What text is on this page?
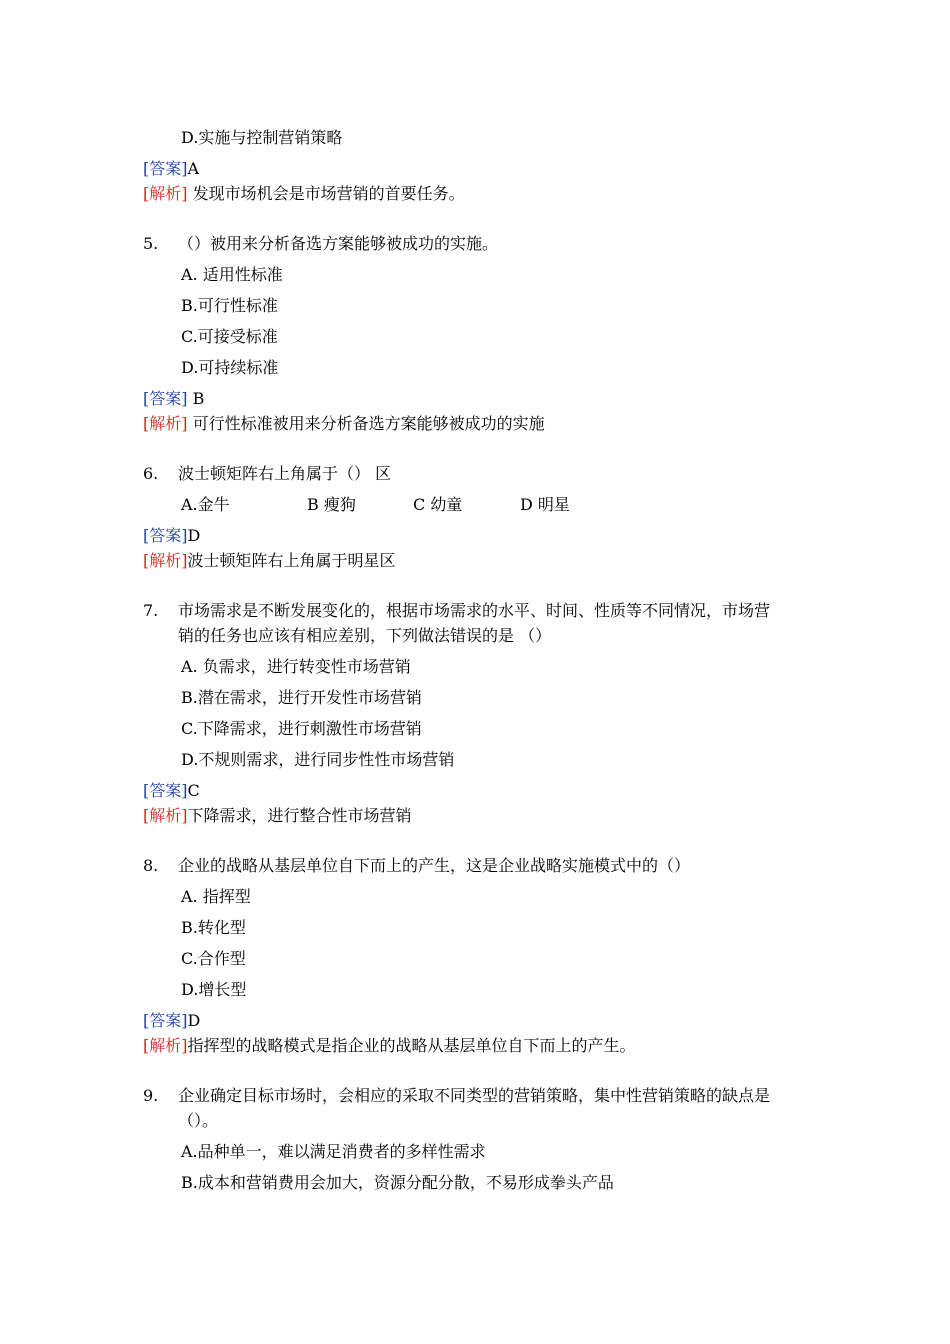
D.实施与控制营销策略
[答案]A
[解析] 发现市场机会是市场营销的首要任务。
5. （）被用来分析备选方案能够被成功的实施。
A. 适用性标准
B.可行性标准
C.可接受标准
D.可持续标准
[答案] B
[解析] 可行性标准被用来分析备选方案能够被成功的实施
6. 波士顿矩阵右上角属于（） 区
A.金牛	B 瘦狗	C 幼童	D 明星
[答案]D
[解析]波士顿矩阵右上角属于明星区
7. 市场需求是不断发展变化的，根据市场需求的水平、时间、性质等不同情况，市场营
销的任务也应该有相应差别，下列做法错误的是 （）
A. 负需求，进行转变性市场营销
B.潜在需求，进行开发性市场营销
C.下降需求，进行刺激性市场营销
D.不规则需求，进行同步性性市场营销
[答案]C
[解析]下降需求，进行整合性市场营销
8. 企业的战略从基层单位自下而上的产生，这是企业战略实施模式中的（）
A. 指挥型
B.转化型
C.合作型
D.增长型
[答案]D
[解析]指挥型的战略模式是指企业的战略从基层单位自下而上的产生。
9. 企业确定目标市场时，会相应的采取不同类型的营销策略，集中性营销策略的缺点是
（）。
A.品种单一，难以满足消费者的多样性需求
B.成本和营销费用会加大，资源分配分散，不易形成拳头产品
